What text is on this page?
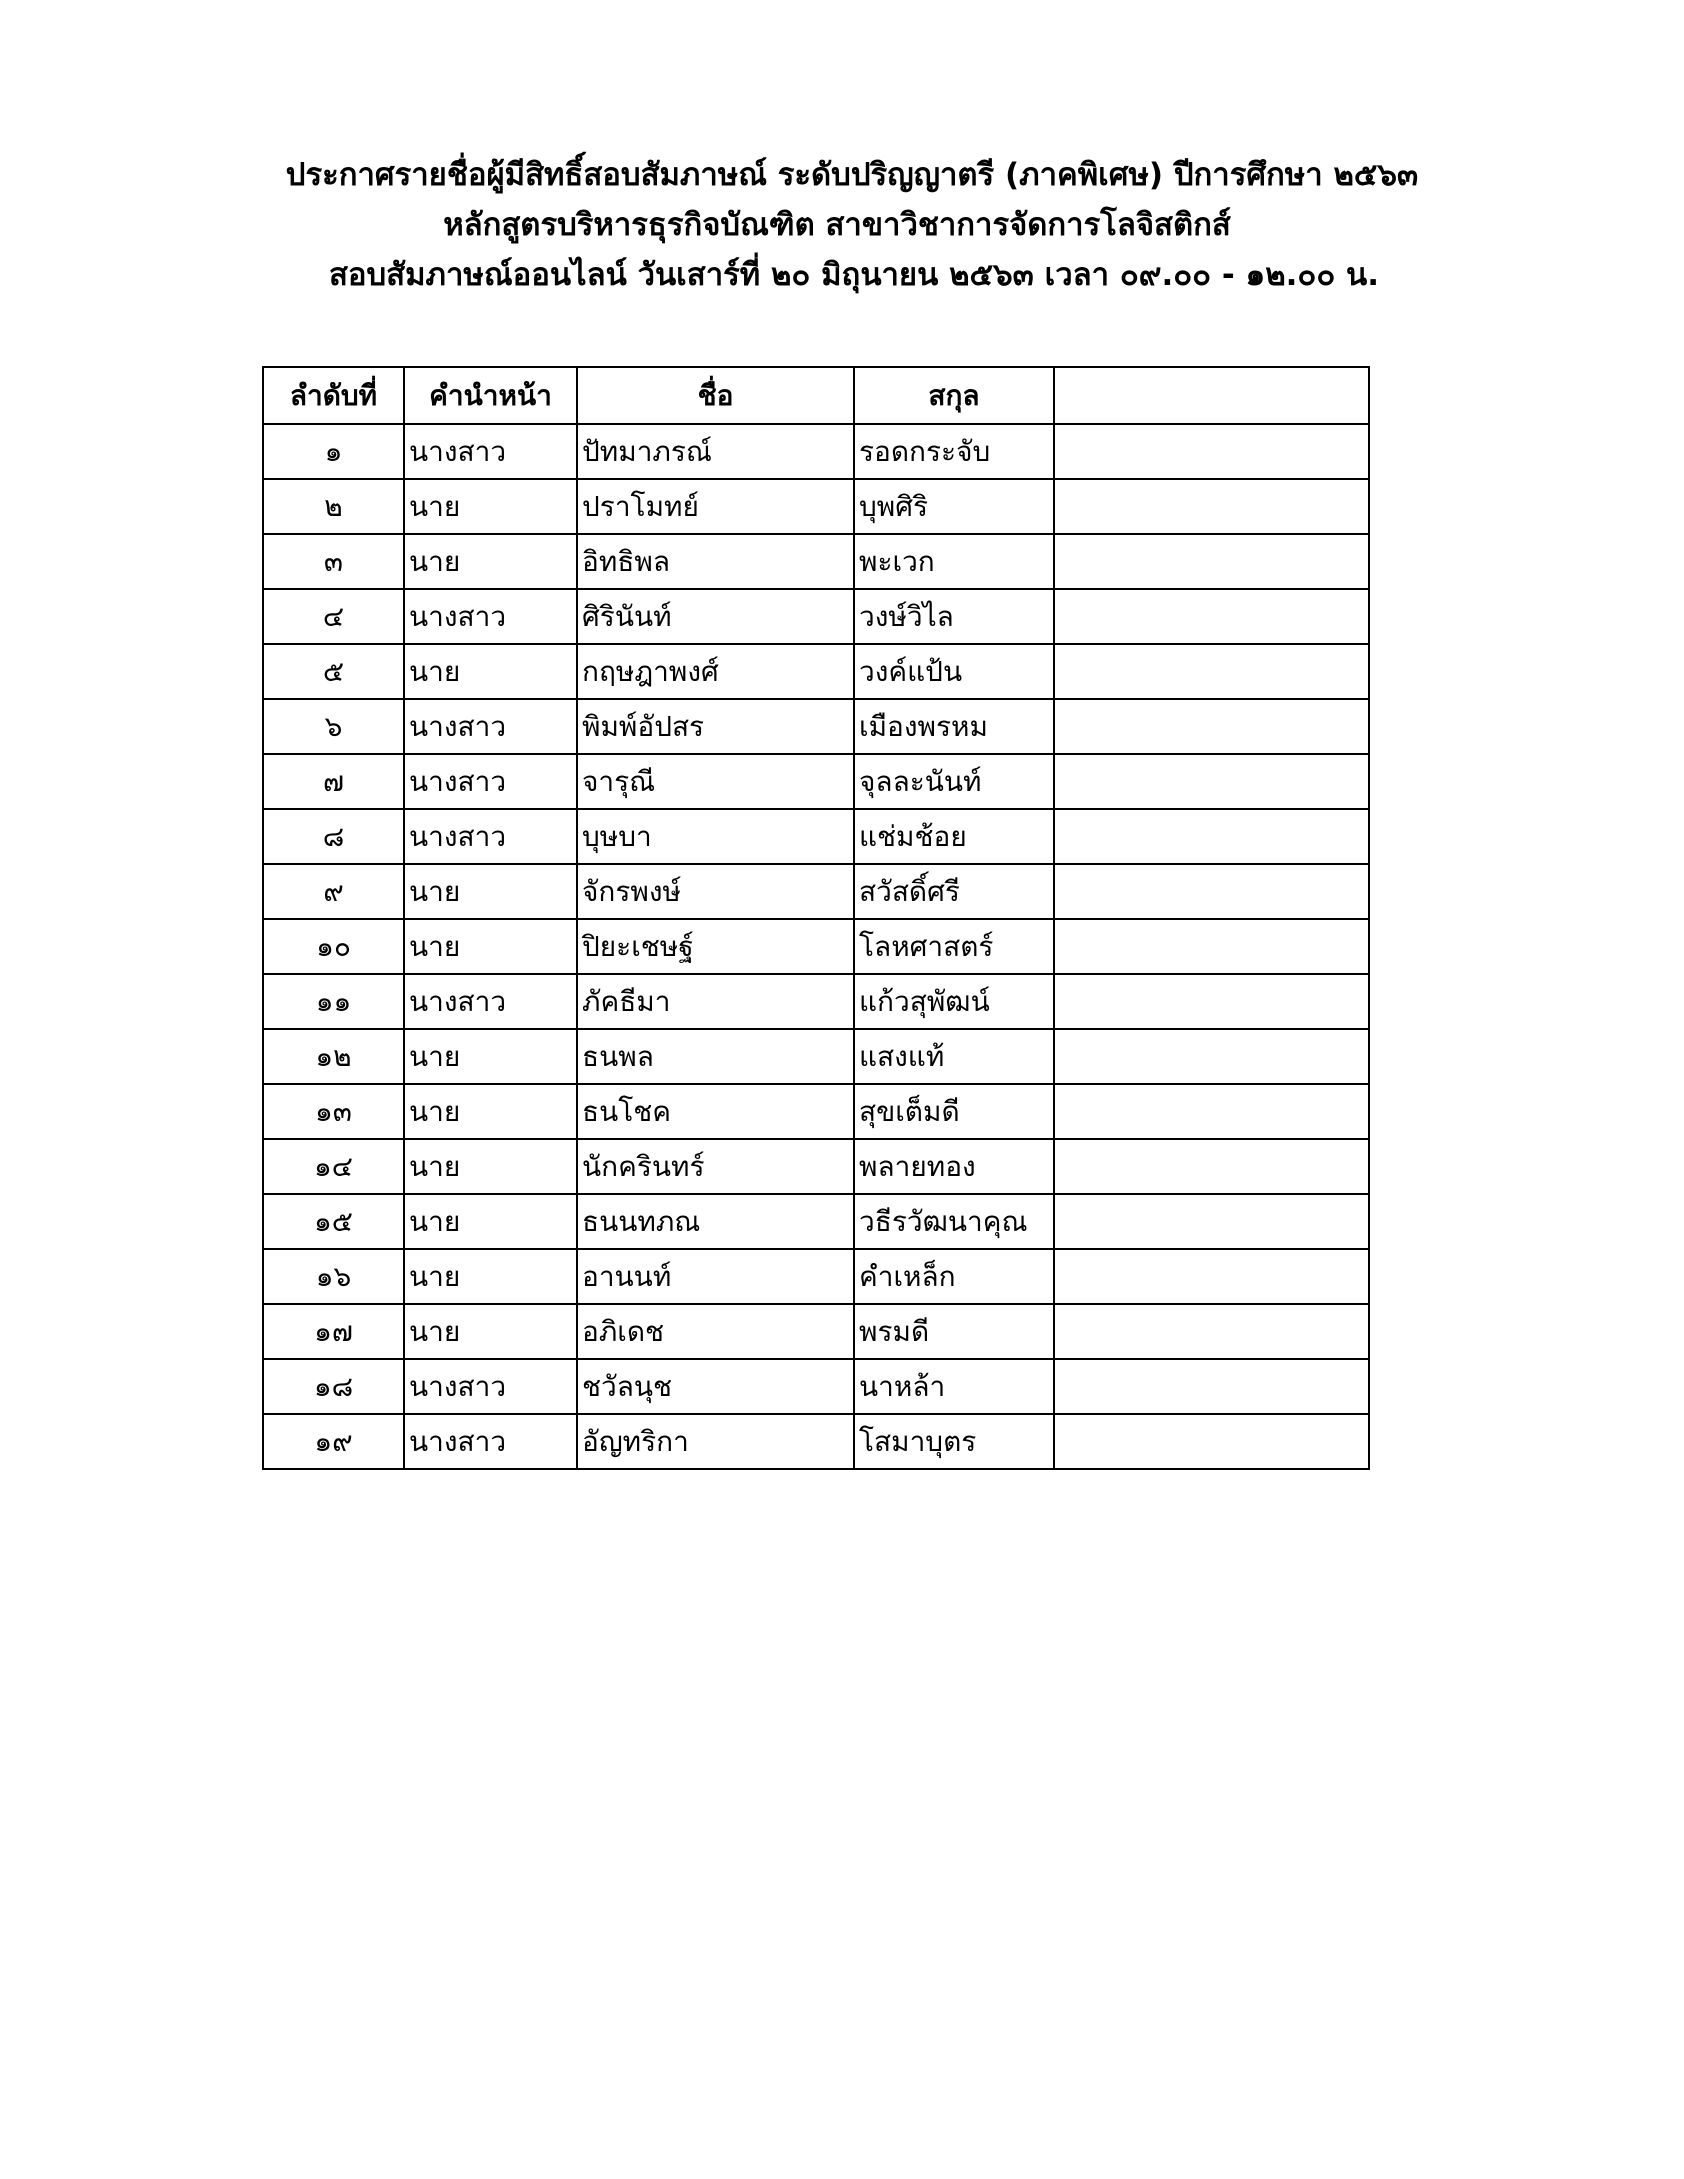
ประกาศรายชื่อผู้มีสิทธิ์สอบสัมภาษณ์ ระดับปริญญาตรี (ภาคพิเศษ) ปีการศึกษา ๒๕๖๓
หลักสูตรบริหารธุรกิจบัณฑิต สาขาวิชาการจัดการโลจิสติกส์
สอบสัมภาษณ์ออนไลน์ วันเสาร์ที่ ๒๐ มิถุนายน ๒๕๖๓ เวลา ๐๙.๐๐ - ๑๒.๐๐ น.
ลำดับที่	คำนำหน้า	ชื่อ	สกุล	
๑	นางสาว	ปัทมาภรณ์	รอดกระจับ	
๒	นาย	ปราโมทย์	บุพศิริ	
๓	นาย	อิทธิพล	พะเวก	
๔	นางสาว	ศิรินันท์	วงษ์วิไล	
๕	นาย	กฤษฎาพงศ์	วงค์แป้น	
๖	นางสาว	พิมพ์อัปสร	เมืองพรหม	
๗	นางสาว	จารุณี	จุลละนันท์	
๘	นางสาว	บุษบา	แช่มช้อย	
๙	นาย	จักรพงษ์	สวัสดิ์ศรี	
๑๐	นาย	ปิยะเชษฐ์	โลหศาสตร์	
๑๑	นางสาว	ภัคธีมา	แก้วสุพัฒน์	
๑๒	นาย	ธนพล	แสงแท้	
๑๓	นาย	ธนโชค	สุขเต็มดี	
๑๔	นาย	นักครินทร์	พลายทอง	
๑๕	นาย	ธนนทภณ	วธีรวัฒนาคุณ	
๑๖	นาย	อานนท์	คำเหล็ก	
๑๗	นาย	อภิเดช	พรมดี	
๑๘	นางสาว	ชวัลนุช	นาหล้า	
๑๙	นางสาว	อัญทริกา	โสมาบุตร	
